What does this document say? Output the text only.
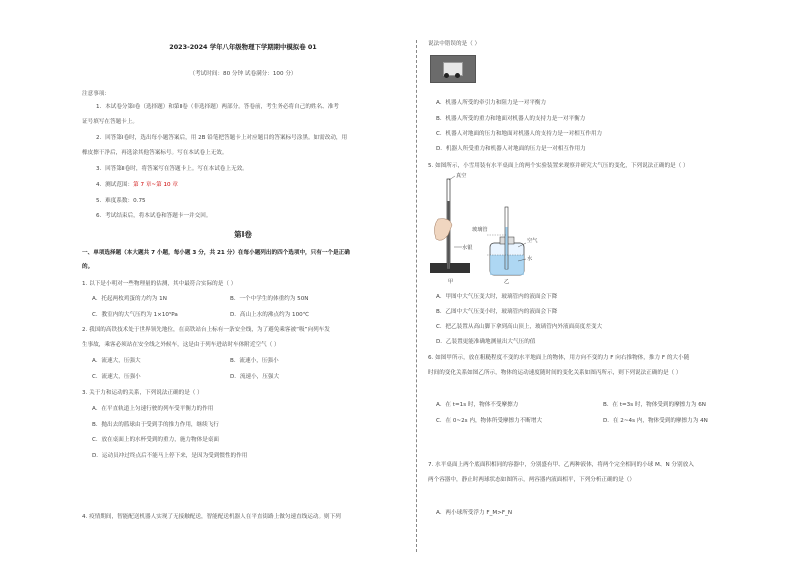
2023-2024 学年八年级物理下学期期中模拟卷 01
（考试时间：80 分钟 试卷满分：100 分）
注意事项：
1．本试卷分第Ⅰ卷（选择题）和第Ⅱ卷（非选择题）两部分。答卷前，考生务必将自己的姓名、准考
证号填写在答题卡上。
2．回答第Ⅰ卷时，选出每小题答案后，用 2B 铅笔把答题卡上对应题目的答案标号涂黑。如需改动，用
橡皮擦干净后，再选涂其他答案标号。写在本试卷上无效。
3．回答第Ⅱ卷时，将答案写在答题卡上。写在本试卷上无效。
4．测试范围：第 7 章~第 10 章
5．难度系数：0.75
6．考试结束后，将本试卷和答题卡一并交回。
第Ⅰ卷
一、单项选择题（本大题共 7 小题，每小题 3 分，共 21 分）在每小题列出的四个选项中，只有一个是正确
的。
1. 以下是小明对一些物理量的估测，其中最符合实际的是（ ）
A．托起两枚鸡蛋的力约为 1N	B．一个中学生的体重约为 50N
C．教室内的大气压约为 1×10⁵Pa	D．高山上水的沸点约为 100℃
2. 我国的高铁技术处于世界领先地位，在高铁站台上标有一条安全线，为了避免乘客被“吸”向列车发
生事故，乘客必须站在安全线之外候车，这是由于列车进站时车体附近空气（ ）
A．流速大，压强大	B．流速小，压强小
C．流速大，压强小	D．流速小，压强大
3. 关于力和运动的关系，下列说法正确的是（ ）
A．在平直轨道上匀速行驶的列车受平衡力的作用
B．抛出去的篮球由于受到手的推力作用，继续飞行
C．放在桌面上的水杯受到的重力，施力物体是桌面
D．运动员冲过终点后不能马上停下来，是因为受到惯性的作用
4. 疫情期间，智能配送机器人实现了无接触配送，智能配送机器人在平直街路上做匀速直线运动。则下列
说法中错误的是（ ）
A．机器人所受的牵引力和阻力是一对平衡力
B．机器人所受的重力和地面对机器人的支持力是一对平衡力
C．机器人对地面的压力和地面对机器人的支持力是一对相互作用力
D．机器人所受重力和机器人对地面的压力是一对相互作用力
5. 如图所示，小雪用装有水平桌面上的两个实验装置来观察并研究大气压的变化，下列说法正确的是（ ）
真空
玻璃管
水银
空气
水
甲	乙
A．甲图中大气压变大时，玻璃管内的液面会下降
B．乙图中大气压变小时，玻璃管内的液面会下降
C．把乙装置从高山脚下拿到高山顶上，玻璃管内外液面高度差变大
D．乙装置更能准确地测量出大气压的值
6. 如图甲所示，放在粗糙程度不变的水平地面上的物体，用方向不变的力 F 向右推物体，推力 F 的大小随
时间的变化关系如图乙所示，物体的运动速度随时间的变化关系如图丙所示，则下列说法正确的是（ ）
A．在 t=1s 时，物体不受摩擦力	B．在 t=3s 时，物体受到的摩擦力为 6N
C．在 0~2s 内，物体所受摩擦力不断增大	D．在 2~4s 内，物体受到的摩擦力为 4N
7. 水平桌面上两个底面积相同的容器中，分别盛有甲、乙两种液体，将两个完全相同的小球 M、N 分别放入
两个容器中，静止时两球状态如图所示，两容器内液面相平，下列分析正确的是（）
A．两小球所受浮力 F_M>F_N
